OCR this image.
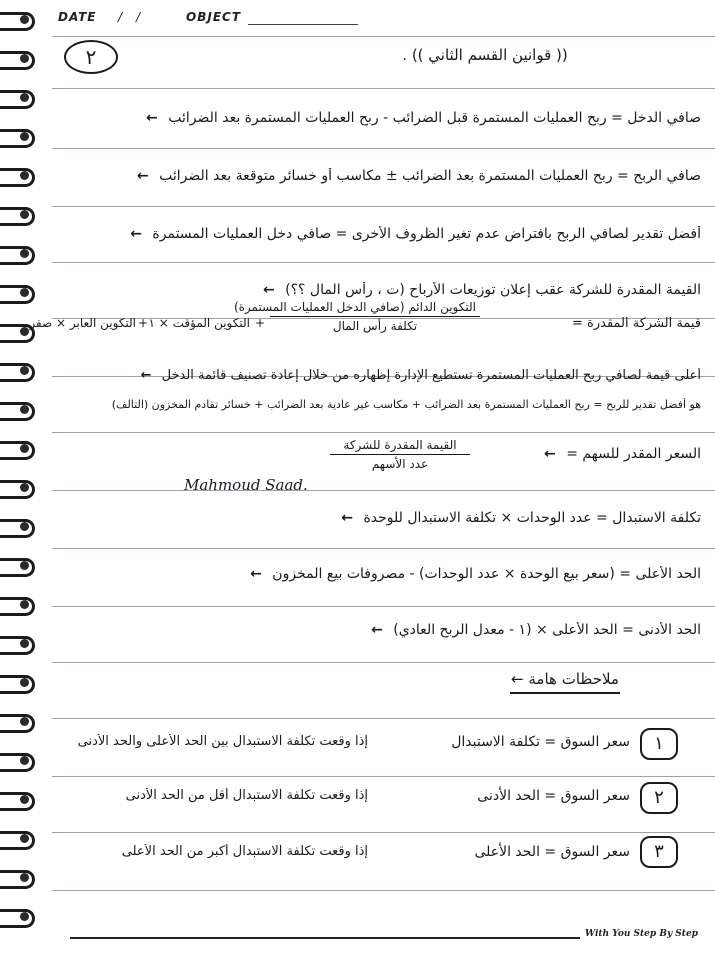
DATE / /	OBJECT
٢	(( قوانين القسم الثاني )) .
صافي الدخل = ربح العمليات المستمرة قبل الضرائب - ربح العمليات المستمرة بعد الضرائب ←
صافي الربح = ربح العمليات المستمرة بعد الضرائب ± مكاسب أو خسائر متوقعة بعد الضرائب ←
أفضل تقدير لصافي الربح بافتراض عدم تغير الظروف الأخرى = صافي دخل العمليات المستمرة ←
القيمة المقدرة للشركة عقب إعلان توزيعات الأرباح (ت ، رأس المال ؟؟) ←
قيمة الشركة المقدرة =
التكوين الدائم (صافي الدخل العمليات المستمرة)
تكلفة رأس المال
+
التكوين المؤقت × ١
+
التكوين العابر × صفر
أعلى قيمة لصافي ربح العمليات المستمرة تستطيع الإدارة إظهاره من خلال إعادة تصنيف قائمة الدخل ←
هو أفضل تقدير للربح = ربح العمليات المستمرة بعد الضرائب + مكاسب غير عادية بعد الضرائب + خسائر تقادم المخزون (التالف)
السعر المقدر للسهم = ←
القيمة المقدرة للشركة
عدد الأسهم
Mahmoud Saad.
تكلفة الاستبدال = عدد الوحدات × تكلفة الاستبدال للوحدة ←
الحد الأعلى = (سعر بيع الوحدة × عدد الوحدات) - مصروفات بيع المخزون ←
الحد الأدنى = الحد الأعلى × (١ - معدل الربح العادي) ←
ملاحظات هامة ←
١
سعر السوق = تكلفة الاستبدال
إذا وقعت تكلفة الاستبدال بين الحد الأعلى والحد الأدنى
٢
سعر السوق = الحد الأدنى
إذا وقعت تكلفة الاستبدال أقل من الحد الأدنى
٣
سعر السوق = الحد الأعلى
إذا وقعت تكلفة الاستبدال أكبر من الحد الأعلى
With You Step By Step
